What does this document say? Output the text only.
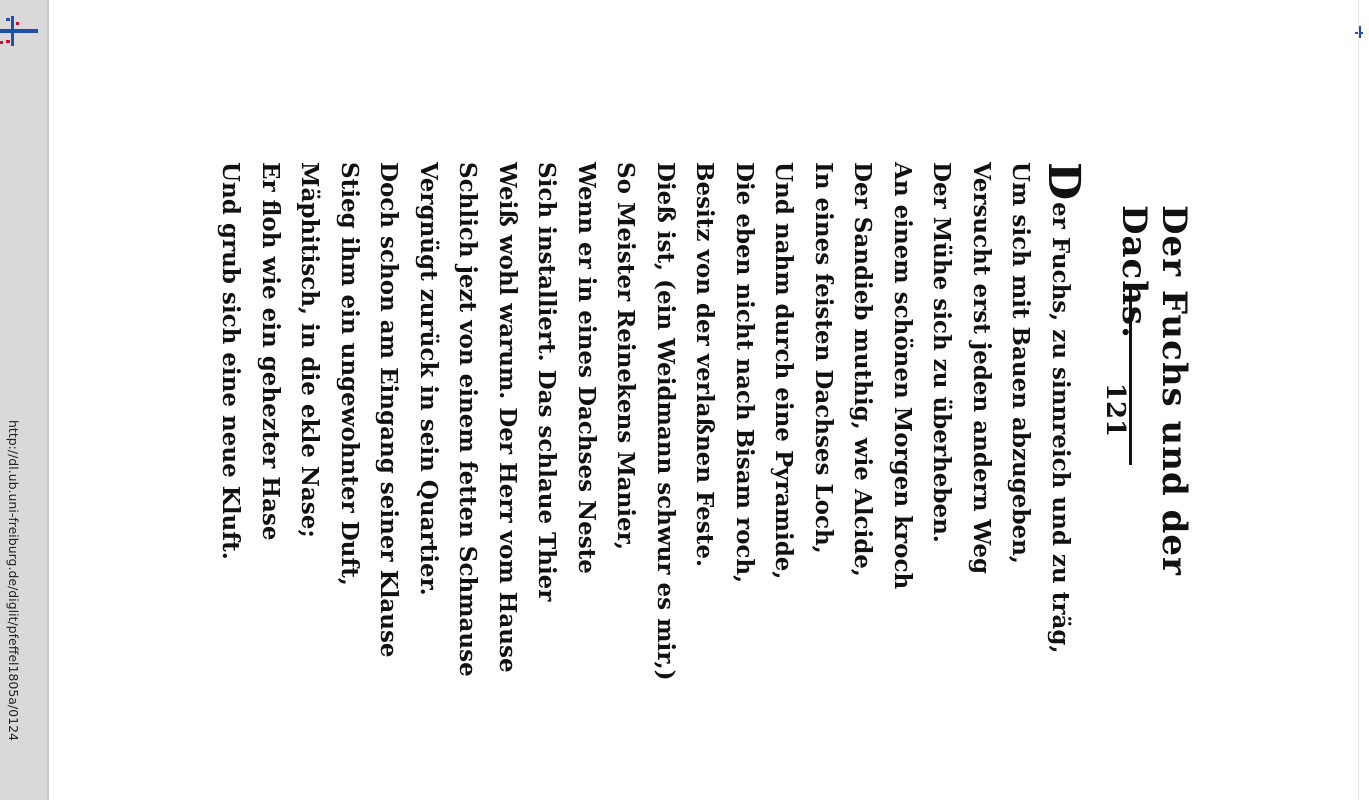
http://dl.ub.uni-freiburg.de/diglit/pfeffel1805a/0124
121 Der Fuchs und der Dachs.
Der Fuchs, zu sinnreich und zu träg,
Um sich mit Bauen abzugeben,
Versucht erst jeden andern Weg
Der Mühe sich zu überheben.
An einem schönen Morgen kroch
Der Sandieb muthig, wie Alcide,
In eines feisten Dachses Loch,
Und nahm durch eine Pyramide,
Die eben nicht nach Bisam roch,
Besitz von der verlaßnen Feste.
Dieß ist, (ein Weidmann schwur es mir,)
So Meister Reinekens Manier,
Wenn er in eines Dachses Neste
Sich installiert. Das schlaue Thier
Weiß wohl warum. Der Herr vom Hause
Schlich jezt von einem fetten Schmause
Vergnügt zurück in sein Quartier.
Doch schon am Eingang seiner Klause
Stieg ihm ein ungewohnter Duft,
Mäphitisch, in die ekle Nase;
Er floh wie ein gehezter Hase
Und grub sich eine neue Kluft.
